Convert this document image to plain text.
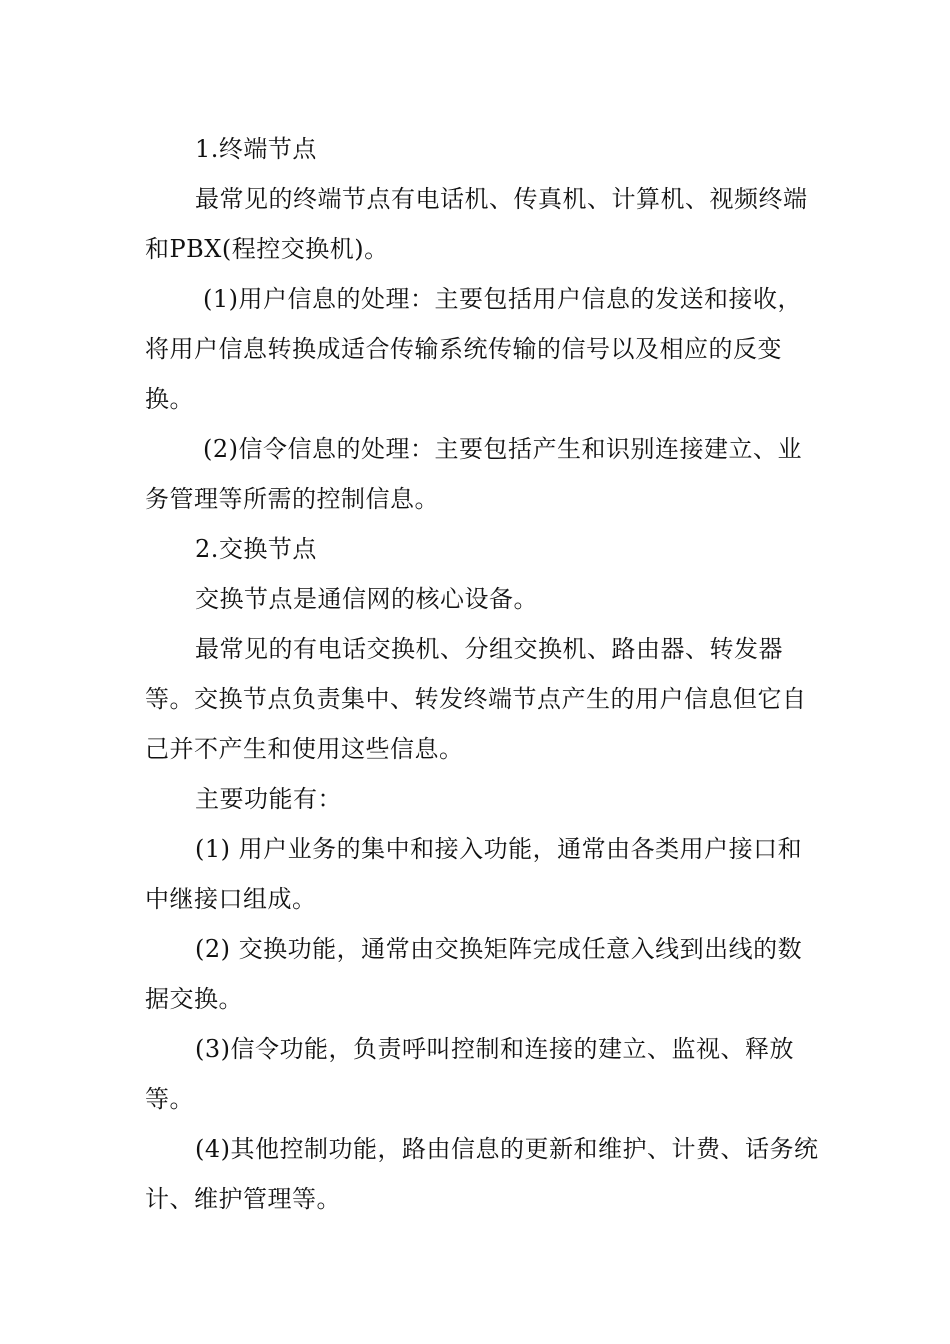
1.终端节点

最常见的终端节点有电话机、传真机、计算机、视频终端和PBX(程控交换机)。

(1)用户信息的处理：主要包括用户信息的发送和接收，将用户信息转换成适合传输系统传输的信号以及相应的反变换。

(2)信令信息的处理：主要包括产生和识别连接建立、业务管理等所需的控制信息。

2.交换节点

交换节点是通信网的核心设备。

最常见的有电话交换机、分组交换机、路由器、转发器等。交换节点负责集中、转发终端节点产生的用户信息但它自己并不产生和使用这些信息。

主要功能有：

(1) 用户业务的集中和接入功能，通常由各类用户接口和中继接口组成。

(2) 交换功能，通常由交换矩阵完成任意入线到出线的数据交换。

(3)信令功能，负责呼叫控制和连接的建立、监视、释放等。

(4)其他控制功能，路由信息的更新和维护、计费、话务统计、维护管理等。
